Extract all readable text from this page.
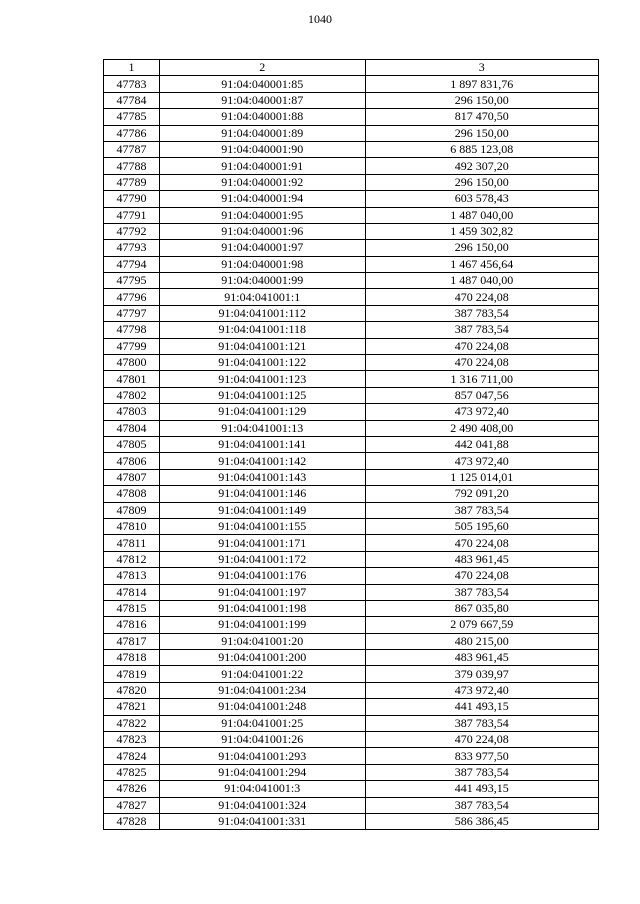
1040
1	2	3
47783	91:04:040001:85	1 897 831,76
47784	91:04:040001:87	296 150,00
47785	91:04:040001:88	817 470,50
47786	91:04:040001:89	296 150,00
47787	91:04:040001:90	6 885 123,08
47788	91:04:040001:91	492 307,20
47789	91:04:040001:92	296 150,00
47790	91:04:040001:94	603 578,43
47791	91:04:040001:95	1 487 040,00
47792	91:04:040001:96	1 459 302,82
47793	91:04:040001:97	296 150,00
47794	91:04:040001:98	1 467 456,64
47795	91:04:040001:99	1 487 040,00
47796	91:04:041001:1	470 224,08
47797	91:04:041001:112	387 783,54
47798	91:04:041001:118	387 783,54
47799	91:04:041001:121	470 224,08
47800	91:04:041001:122	470 224,08
47801	91:04:041001:123	1 316 711,00
47802	91:04:041001:125	857 047,56
47803	91:04:041001:129	473 972,40
47804	91:04:041001:13	2 490 408,00
47805	91:04:041001:141	442 041,88
47806	91:04:041001:142	473 972,40
47807	91:04:041001:143	1 125 014,01
47808	91:04:041001:146	792 091,20
47809	91:04:041001:149	387 783,54
47810	91:04:041001:155	505 195,60
47811	91:04:041001:171	470 224,08
47812	91:04:041001:172	483 961,45
47813	91:04:041001:176	470 224,08
47814	91:04:041001:197	387 783,54
47815	91:04:041001:198	867 035,80
47816	91:04:041001:199	2 079 667,59
47817	91:04:041001:20	480 215,00
47818	91:04:041001:200	483 961,45
47819	91:04:041001:22	379 039,97
47820	91:04:041001:234	473 972,40
47821	91:04:041001:248	441 493,15
47822	91:04:041001:25	387 783,54
47823	91:04:041001:26	470 224,08
47824	91:04:041001:293	833 977,50
47825	91:04:041001:294	387 783,54
47826	91:04:041001:3	441 493,15
47827	91:04:041001:324	387 783,54
47828	91:04:041001:331	586 386,45
